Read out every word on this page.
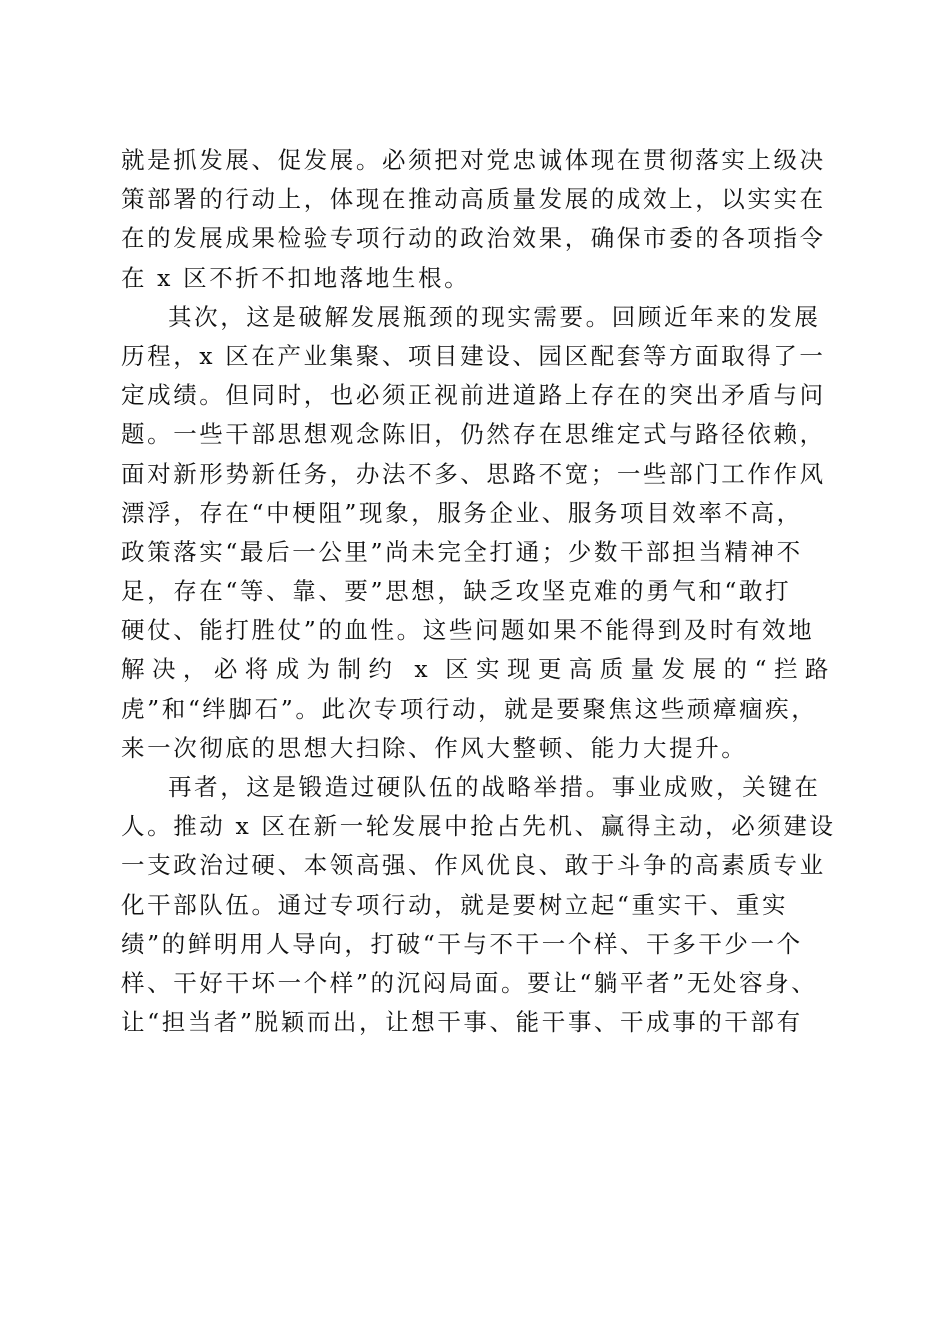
就是抓发展、促发展。必须把对党忠诚体现在贯彻落实上级决
策部署的行动上，体现在推动高质量发展的成效上，以实实在
在的发展成果检验专项行动的政治效果，确保市委的各项指令
在 x 区不折不扣地落地生根。
其次，这是破解发展瓶颈的现实需要。回顾近年来的发展
历程，x 区在产业集聚、项目建设、园区配套等方面取得了一
定成绩。但同时，也必须正视前进道路上存在的突出矛盾与问
题。一些干部思想观念陈旧，仍然存在思维定式与路径依赖，
面对新形势新任务，办法不多、思路不宽；一些部门工作作风
漂浮，存在“中梗阻”现象，服务企业、服务项目效率不高，
政策落实“最后一公里”尚未完全打通；少数干部担当精神不
足，存在“等、靠、要”思想，缺乏攻坚克难的勇气和“敢打
硬仗、能打胜仗”的血性。这些问题如果不能得到及时有效地
解决，必将成为制约 x 区实现更高质量发展的“拦路
虎”和“绊脚石”。此次专项行动，就是要聚焦这些顽瘴痼疾，
来一次彻底的思想大扫除、作风大整顿、能力大提升。
再者，这是锻造过硬队伍的战略举措。事业成败，关键在
人。推动 x 区在新一轮发展中抢占先机、赢得主动，必须建设
一支政治过硬、本领高强、作风优良、敢于斗争的高素质专业
化干部队伍。通过专项行动，就是要树立起“重实干、重实
绩”的鲜明用人导向，打破“干与不干一个样、干多干少一个
样、干好干坏一个样”的沉闷局面。要让“躺平者”无处容身、
让“担当者”脱颖而出，让想干事、能干事、干成事的干部有
